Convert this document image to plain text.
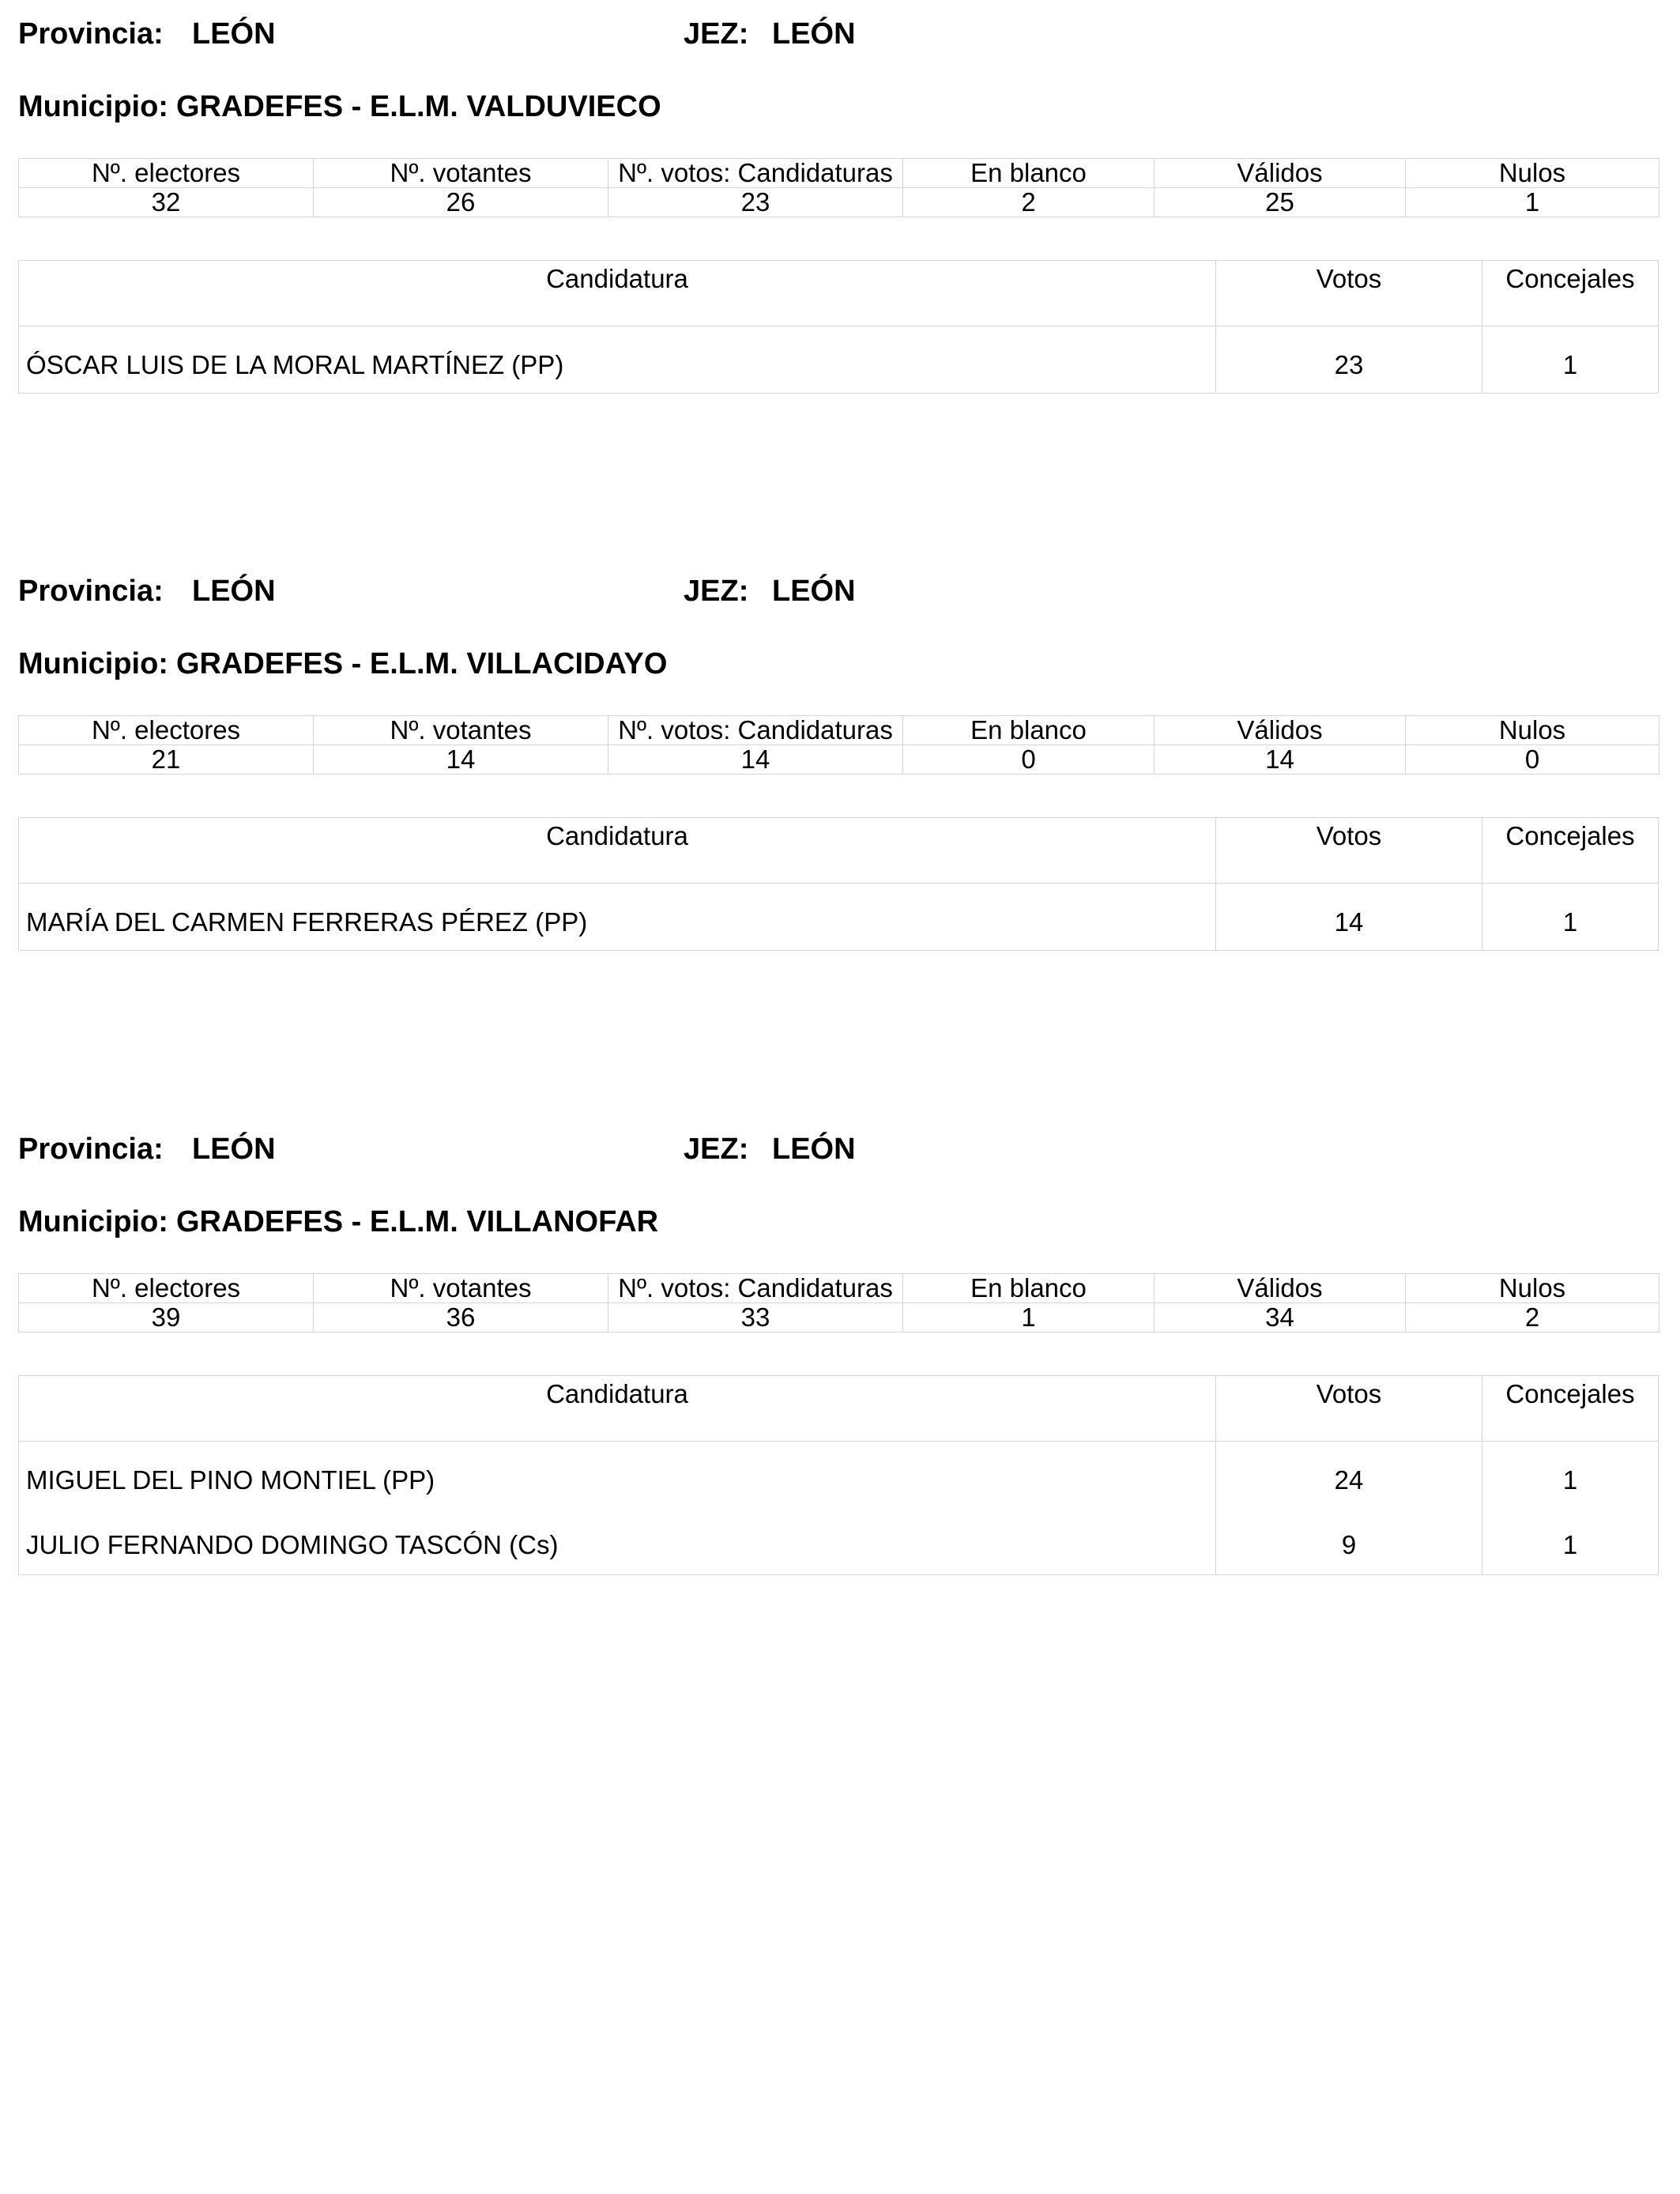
Provincia: LEÓN	JEZ: LEÓN
Municipio: GRADEFES - E.L.M. VALDUVIECO
Nº. electores	Nº. votantes	Nº. votos: Candidaturas	En blanco	Válidos	Nulos
32	26	23	2	25	1
Candidatura	Votos	Concejales
ÓSCAR LUIS DE LA MORAL MARTÍNEZ (PP)	23	1
Provincia: LEÓN	JEZ: LEÓN
Municipio: GRADEFES - E.L.M. VILLACIDAYO
Nº. electores	Nº. votantes	Nº. votos: Candidaturas	En blanco	Válidos	Nulos
21	14	14	0	14	0
Candidatura	Votos	Concejales
MARÍA DEL CARMEN FERRERAS PÉREZ (PP)	14	1
Provincia: LEÓN	JEZ: LEÓN
Municipio: GRADEFES - E.L.M. VILLANOFAR
Nº. electores	Nº. votantes	Nº. votos: Candidaturas	En blanco	Válidos	Nulos
39	36	33	1	34	2
Candidatura	Votos	Concejales
MIGUEL DEL PINO MONTIEL (PP)	24	1
JULIO FERNANDO DOMINGO TASCÓN (Cs)	9	1
